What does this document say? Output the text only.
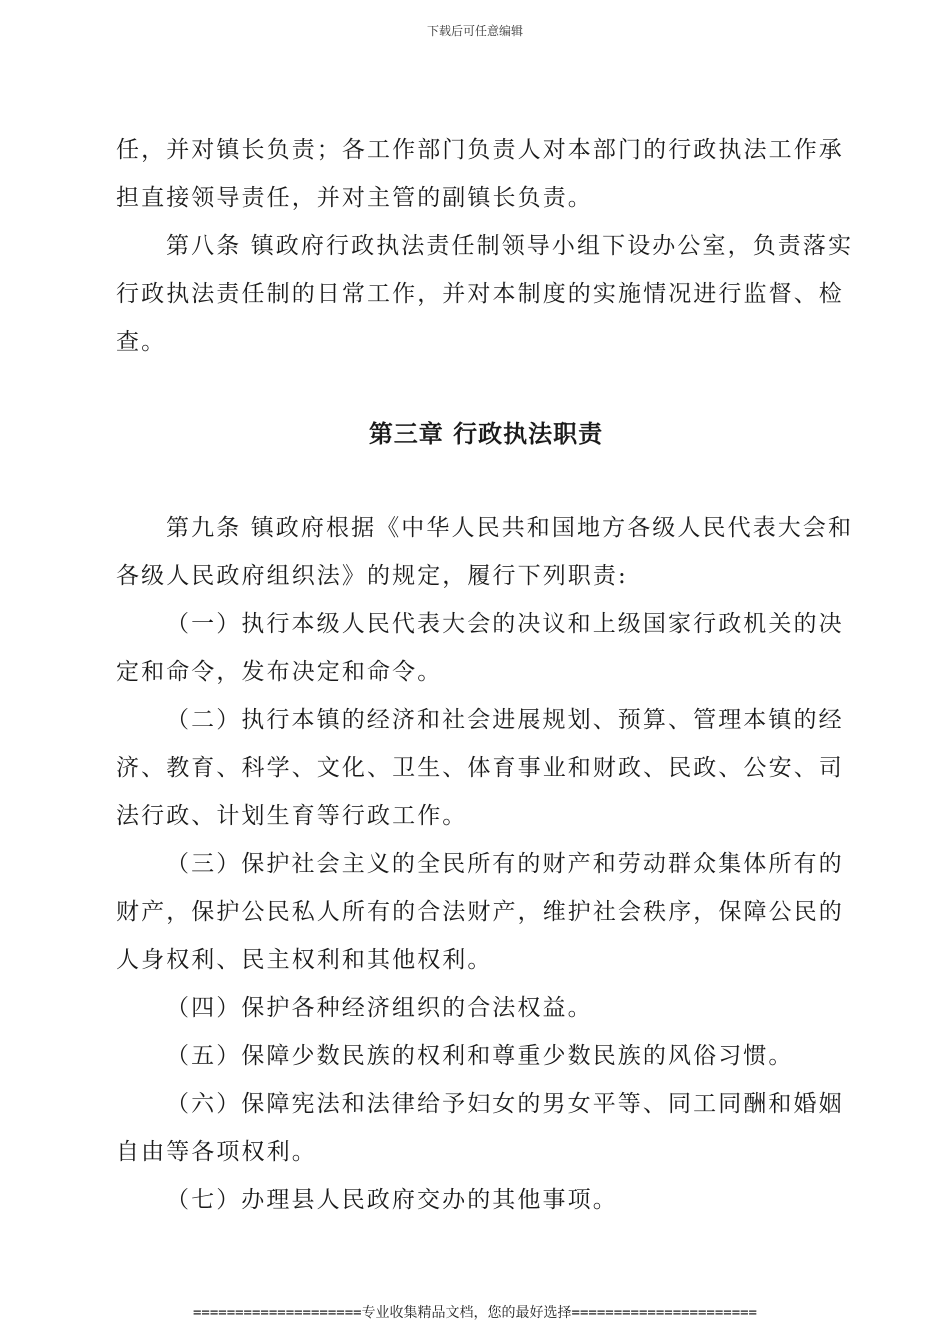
下载后可任意编辑

任，并对镇长负责；各工作部门负责人对本部门的行政执法工作承担直接领导责任，并对主管的副镇长负责。

第八条 镇政府行政执法责任制领导小组下设办公室，负责落实行政执法责任制的日常工作，并对本制度的实施情况进行监督、检查。

第三章 行政执法职责

第九条 镇政府根据《中华人民共和国地方各级人民代表大会和各级人民政府组织法》的规定，履行下列职责:

（一）执行本级人民代表大会的决议和上级国家行政机关的决定和命令，发布决定和命令。

（二）执行本镇的经济和社会进展规划、预算、管理本镇的经济、教育、科学、文化、卫生、体育事业和财政、民政、公安、司法行政、计划生育等行政工作。

（三）保护社会主义的全民所有的财产和劳动群众集体所有的财产，保护公民私人所有的合法财产，维护社会秩序，保障公民的人身权利、民主权利和其他权利。

（四）保护各种经济组织的合法权益。

（五）保障少数民族的权利和尊重少数民族的风俗习惯。

（六）保障宪法和法律给予妇女的男女平等、同工同酬和婚姻自由等各项权利。

（七）办理县人民政府交办的其他事项。

====================专业收集精品文档，您的最好选择======================
